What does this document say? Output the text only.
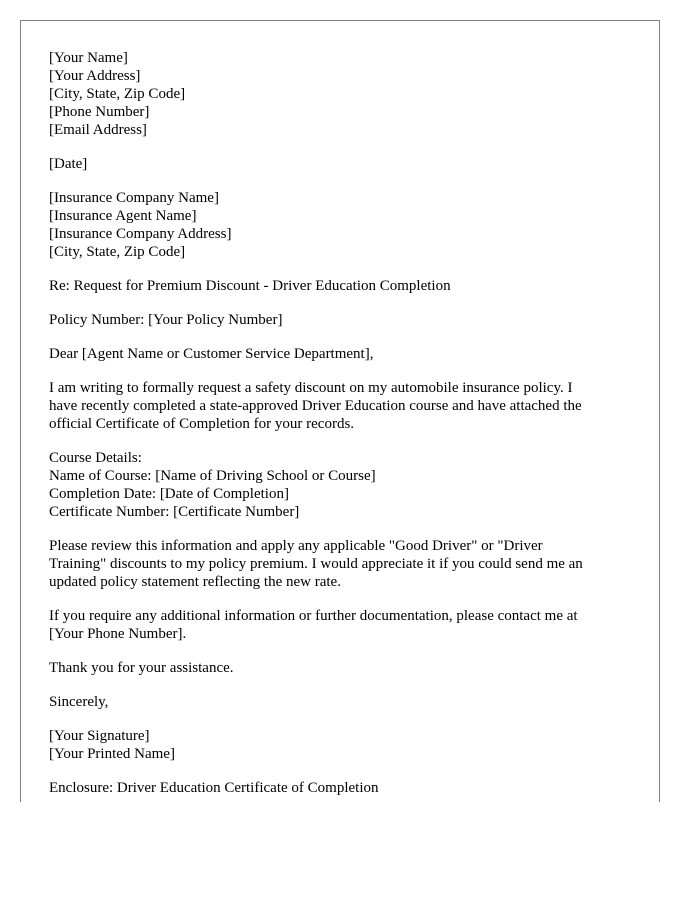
[Your Name]
[Your Address]
[City, State, Zip Code]
[Phone Number]
[Email Address]
[Date]
[Insurance Company Name]
[Insurance Agent Name]
[Insurance Company Address]
[City, State, Zip Code]
Re: Request for Premium Discount - Driver Education Completion
Policy Number: [Your Policy Number]
Dear [Agent Name or Customer Service Department],
I am writing to formally request a safety discount on my automobile insurance policy. I
have recently completed a state-approved Driver Education course and have attached the
official Certificate of Completion for your records.
Course Details:
Name of Course: [Name of Driving School or Course]
Completion Date: [Date of Completion]
Certificate Number: [Certificate Number]
Please review this information and apply any applicable "Good Driver" or "Driver
Training" discounts to my policy premium. I would appreciate it if you could send me an
updated policy statement reflecting the new rate.
If you require any additional information or further documentation, please contact me at
[Your Phone Number].
Thank you for your assistance.
Sincerely,
[Your Signature]
[Your Printed Name]
Enclosure: Driver Education Certificate of Completion
